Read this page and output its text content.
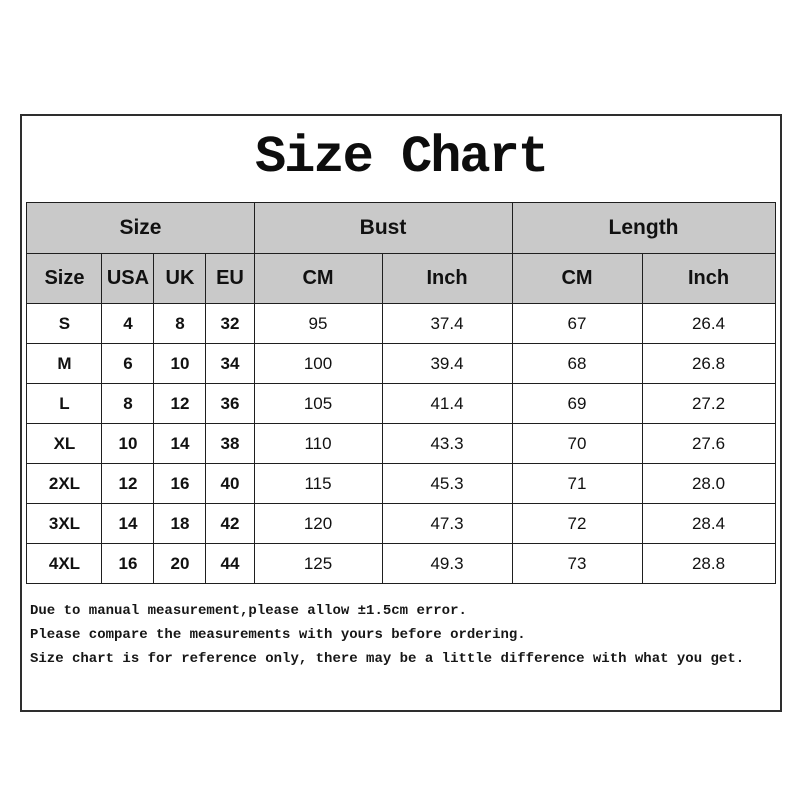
Size Chart
Size				Bust		Length	
Size	USA	UK	EU	CM	Inch	CM	Inch
S	4	8	32	95	37.4	67	26.4
M	6	10	34	100	39.4	68	26.8
L	8	12	36	105	41.4	69	27.2
XL	10	14	38	110	43.3	70	27.6
2XL	12	16	40	115	45.3	71	28.0
3XL	14	18	42	120	47.3	72	28.4
4XL	16	20	44	125	49.3	73	28.8
Due to manual measurement,please allow ±1.5cm error.
Please compare the measurements with yours before ordering.
Size chart is for reference only, there may be a little difference with what you get.
